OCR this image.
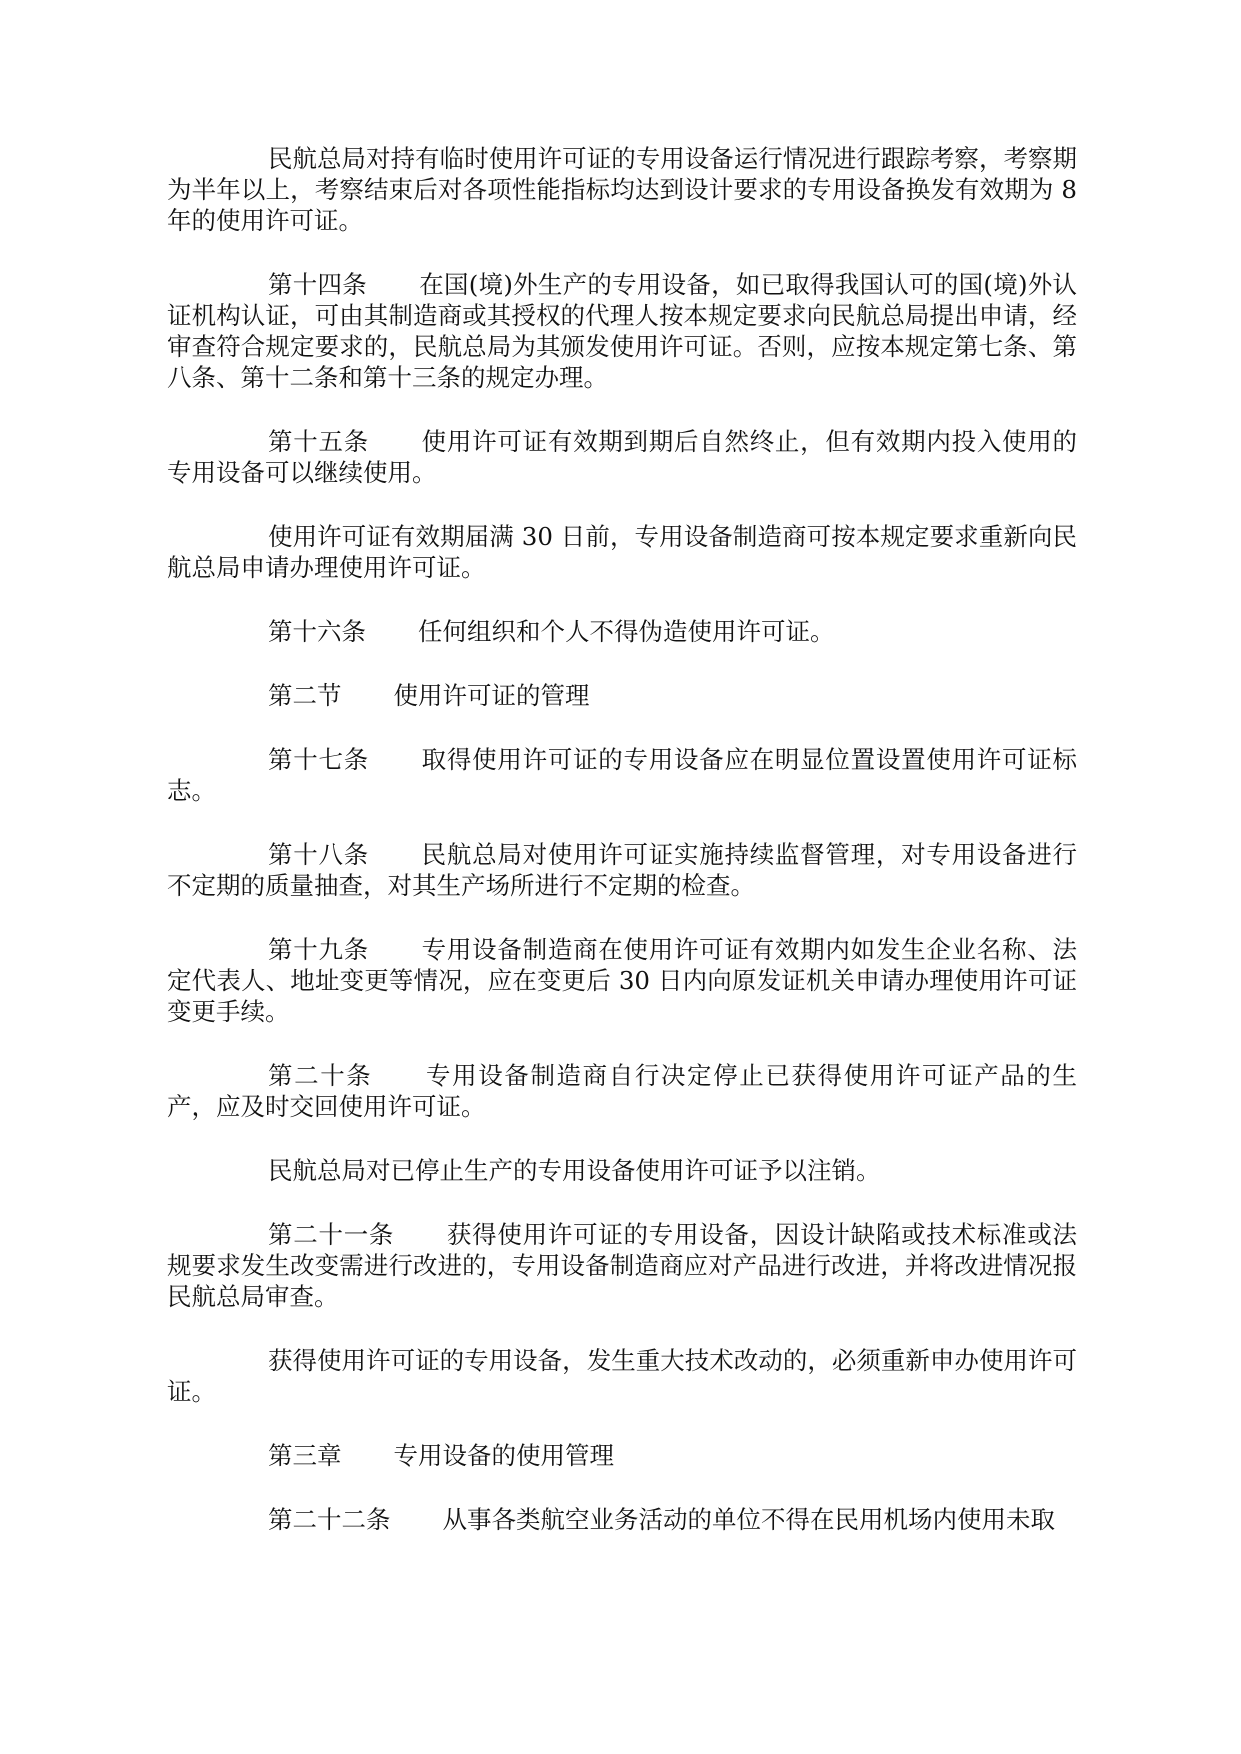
民航总局对持有临时使用许可证的专用设备运行情况进行跟踪考察，考察期为半年以上，考察结束后对各项性能指标均达到设计要求的专用设备换发有效期为 8 年的使用许可证。
第十四条 在国(境)外生产的专用设备，如已取得我国认可的国(境)外认证机构认证，可由其制造商或其授权的代理人按本规定要求向民航总局提出申请，经审查符合规定要求的，民航总局为其颁发使用许可证。否则，应按本规定第七条、第八条、第十二条和第十三条的规定办理。
第十五条 使用许可证有效期到期后自然终止，但有效期内投入使用的专用设备可以继续使用。
使用许可证有效期届满 30 日前，专用设备制造商可按本规定要求重新向民航总局申请办理使用许可证。
第十六条 任何组织和个人不得伪造使用许可证。
第二节 使用许可证的管理
第十七条 取得使用许可证的专用设备应在明显位置设置使用许可证标志。
第十八条 民航总局对使用许可证实施持续监督管理，对专用设备进行不定期的质量抽查，对其生产场所进行不定期的检查。
第十九条 专用设备制造商在使用许可证有效期内如发生企业名称、法定代表人、地址变更等情况，应在变更后 30 日内向原发证机关申请办理使用许可证变更手续。
第二十条 专用设备制造商自行决定停止已获得使用许可证产品的生产，应及时交回使用许可证。
民航总局对已停止生产的专用设备使用许可证予以注销。
第二十一条 获得使用许可证的专用设备，因设计缺陷或技术标准或法规要求发生改变需进行改进的，专用设备制造商应对产品进行改进，并将改进情况报民航总局审查。
获得使用许可证的专用设备，发生重大技术改动的，必须重新申办使用许可证。
第三章 专用设备的使用管理
第二十二条 从事各类航空业务活动的单位不得在民用机场内使用未取
